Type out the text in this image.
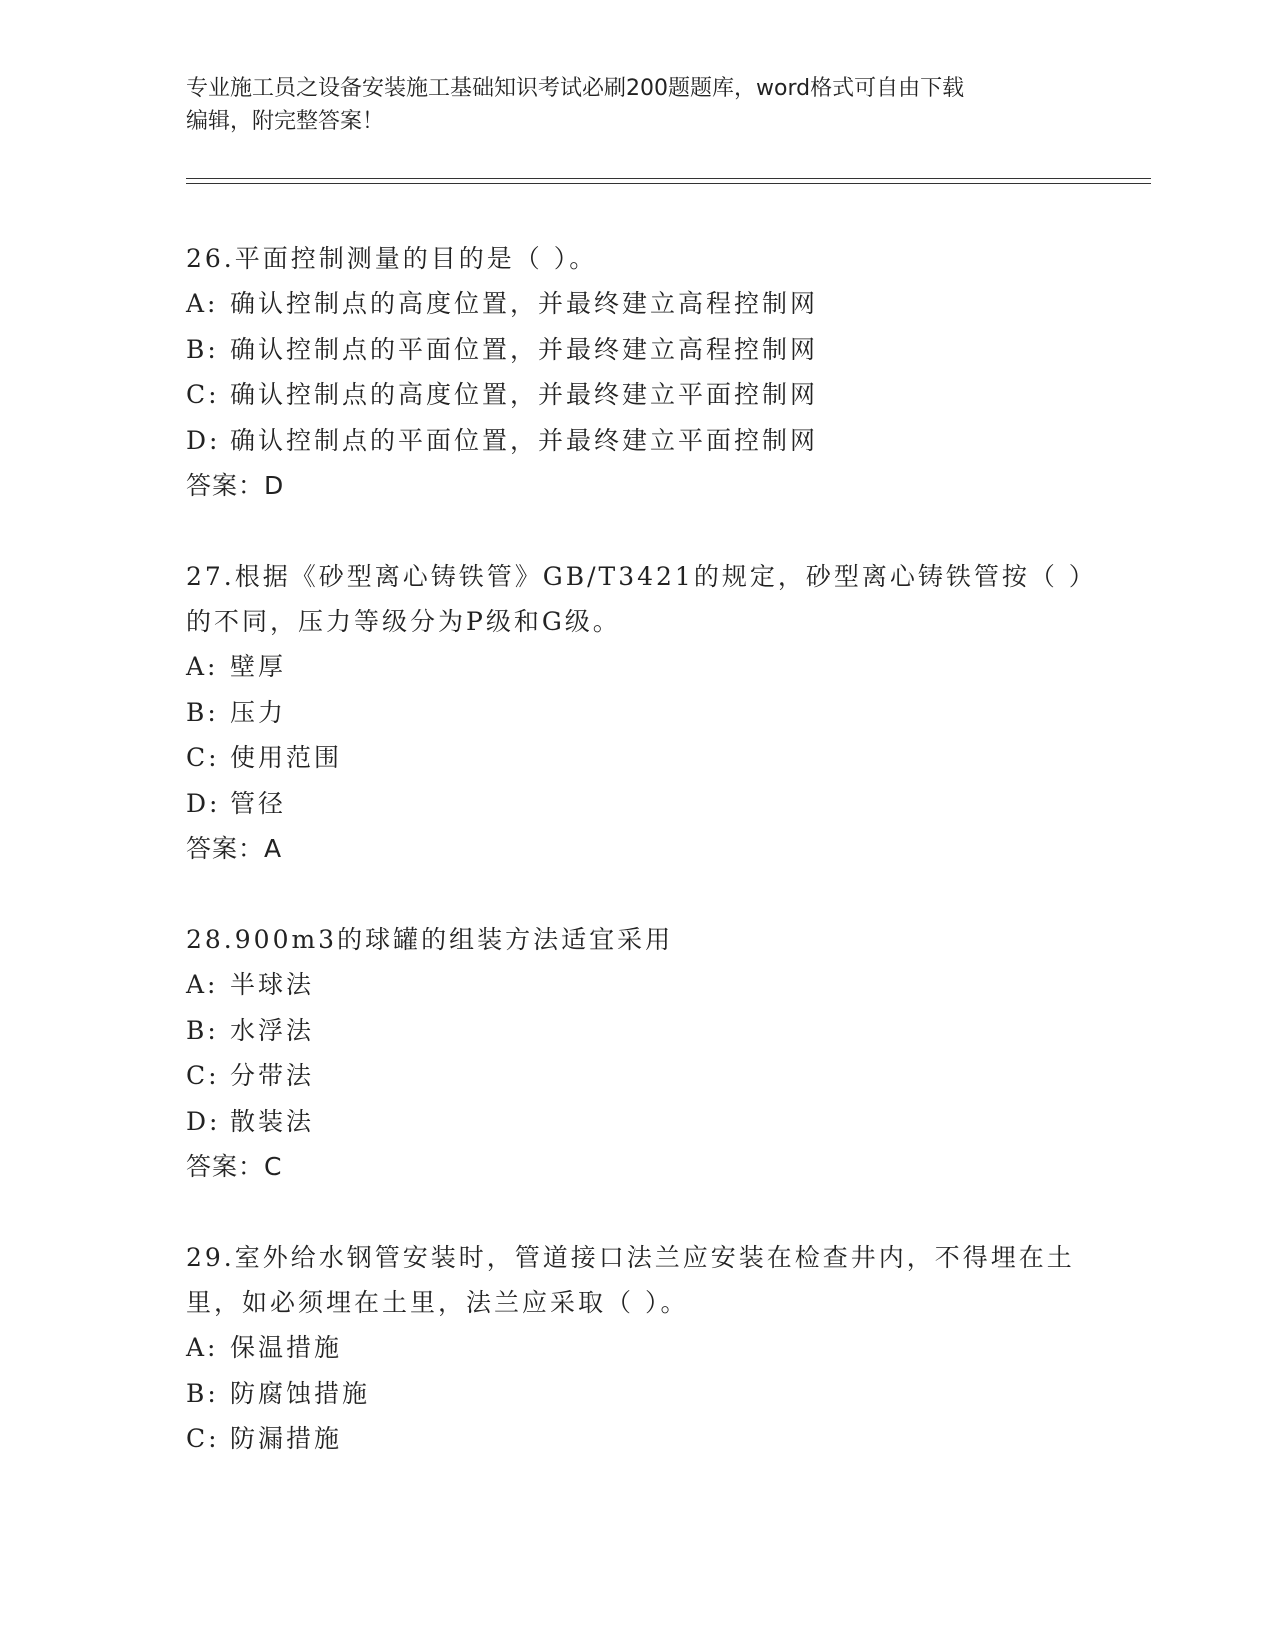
专业施工员之设备安装施工基础知识考试必刷200题题库，word格式可自由下载
编辑，附完整答案！
26.平面控制测量的目的是（ ）。
A: 确认控制点的高度位置，并最终建立高程控制网
B: 确认控制点的平面位置，并最终建立高程控制网
C: 确认控制点的高度位置，并最终建立平面控制网
D: 确认控制点的平面位置，并最终建立平面控制网
答案：D
27.根据《砂型离心铸铁管》GB/T3421的规定，砂型离心铸铁管按（ ）的不同，压力等级分为P级和G级。
A: 壁厚
B: 压力
C: 使用范围
D: 管径
答案：A
28.900m3的球罐的组装方法适宜采用
A: 半球法
B: 水浮法
C: 分带法
D: 散装法
答案：C
29.室外给水钢管安装时，管道接口法兰应安装在检查井内，不得埋在土里，如必须埋在土里，法兰应采取（ ）。
A: 保温措施
B: 防腐蚀措施
C: 防漏措施
